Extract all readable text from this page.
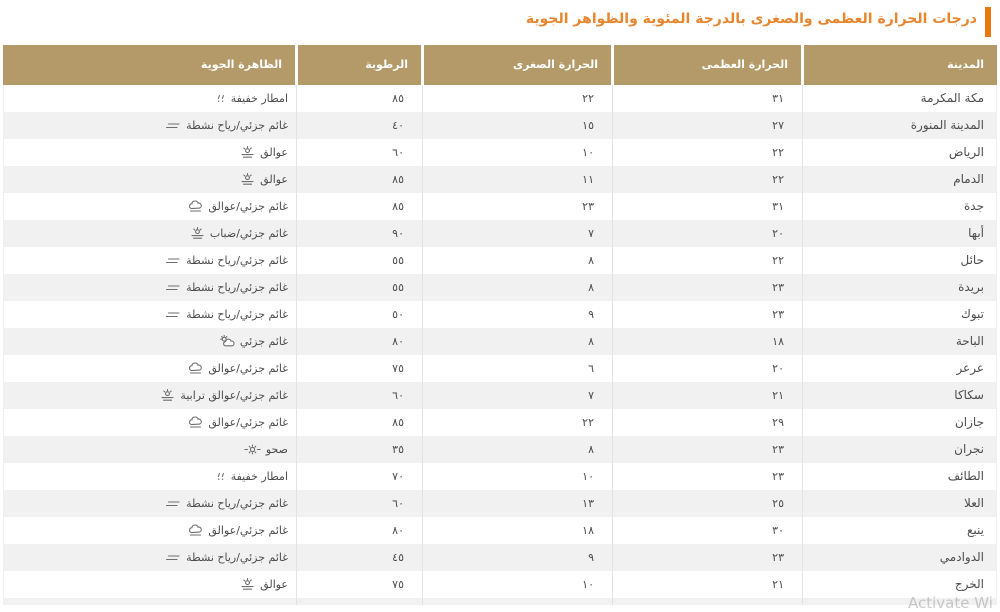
درجات الحرارة العظمى والصغرى بالدرجة المئوية والظواهر الجوية
الظاهرة الجوية	الرطوبة	الحرارة الصغرى	الحرارة العظمى	المدينة
امطار خفيفة	٨٥	٢٢	٣١	مكة المكرمة
غائم جزئي/رياح نشطة	٤٠	١٥	٢٧	المدينة المنورة
عوالق	٦٠	١٠	٢٢	الرياض
عوالق	٨٥	١١	٢٢	الدمام
غائم جزئي/عوالق	٨٥	٢٣	٣١	جدة
غائم جزئي/ضباب	٩٠	٧	٢٠	أبها
غائم جزئي/رياح نشطة	٥٥	٨	٢٢	حائل
غائم جزئي/رياح نشطة	٥٥	٨	٢٣	بريدة
غائم جزئي/رياح نشطة	٥٠	٩	٢٣	تبوك
غائم جزئي	٨٠	٨	١٨	الباحة
غائم جزئي/عوالق	٧٥	٦	٢٠	عرعر
غائم جزئي/عوالق ترابية	٦٠	٧	٢١	سكاكا
غائم جزئي/عوالق	٨٥	٢٢	٢٩	جازان
صحو	٣٥	٨	٢٣	نجران
امطار خفيفة	٧٠	١٠	٢٣	الطائف
غائم جزئي/رياح نشطة	٦٠	١٣	٢٥	العلا
غائم جزئي/عوالق	٨٠	١٨	٣٠	ينبع
غائم جزئي/رياح نشطة	٤٥	٩	٢٣	الدوادمي
عوالق	٧٥	١٠	٢١	الخرج
Activate Wi
